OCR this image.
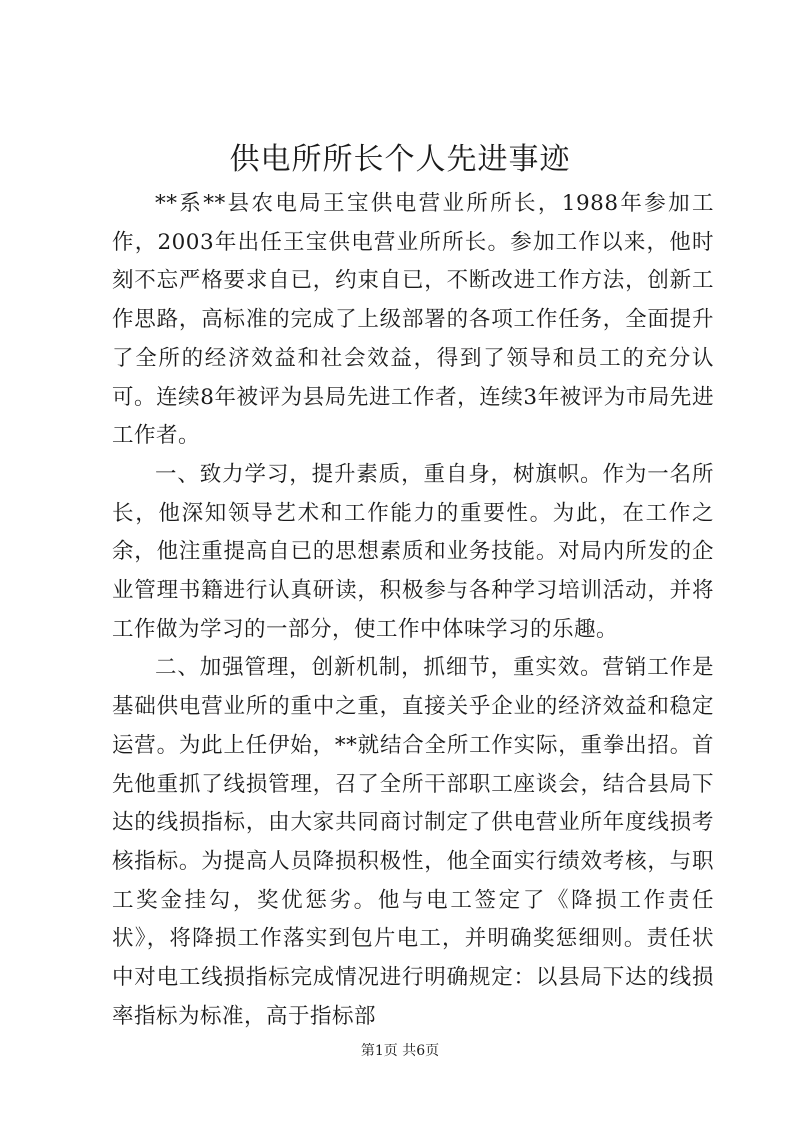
供电所所长个人先进事迹

**系**县农电局王宝供电营业所所长，1988年参加工作，2003年出任王宝供电营业所所长。参加工作以来，他时刻不忘严格要求自已，约束自已，不断改进工作方法，创新工作思路，高标准的完成了上级部署的各项工作任务，全面提升了全所的经济效益和社会效益，得到了领导和员工的充分认可。连续8年被评为县局先进工作者，连续3年被评为市局先进工作者。

一、致力学习，提升素质，重自身，树旗帜。作为一名所长，他深知领导艺术和工作能力的重要性。为此，在工作之余，他注重提高自已的思想素质和业务技能。对局内所发的企业管理书籍进行认真研读，积极参与各种学习培训活动，并将工作做为学习的一部分，使工作中体味学习的乐趣。

二、加强管理，创新机制，抓细节，重实效。营销工作是基础供电营业所的重中之重，直接关乎企业的经济效益和稳定运营。为此上任伊始，**就结合全所工作实际，重拳出招。首先他重抓了线损管理，召了全所干部职工座谈会，结合县局下达的线损指标，由大家共同商讨制定了供电营业所年度线损考核指标。为提高人员降损积极性，他全面实行绩效考核，与职工奖金挂勾，奖优惩劣。他与电工签定了《降损工作责任状》，将降损工作落实到包片电工，并明确奖惩细则。责任状中对电工线损指标完成情况进行明确规定：以县局下达的线损率指标为标准，高于指标部

第1页 共6页
